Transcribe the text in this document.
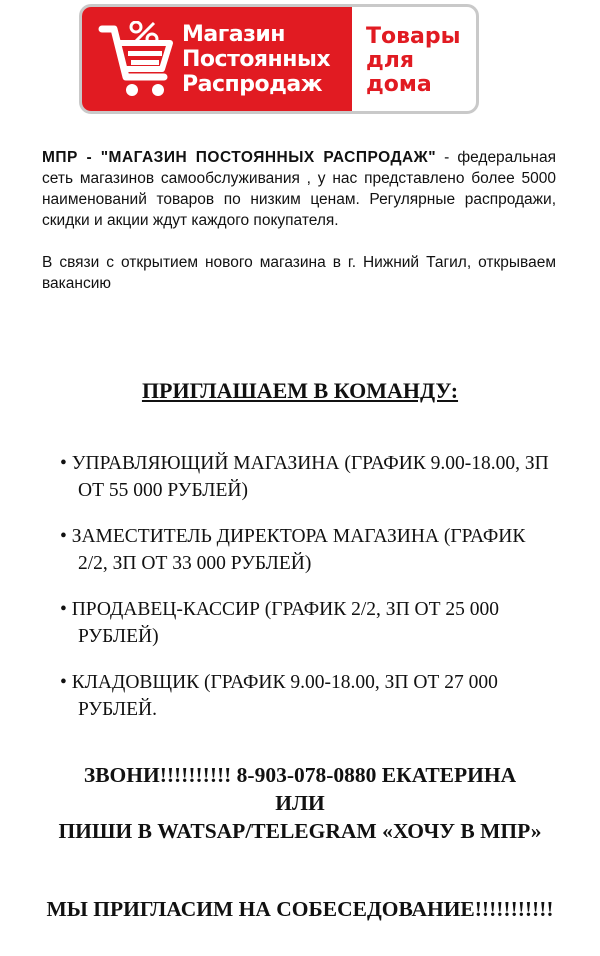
Магазин
Постоянных
Распродаж
Товары
для
дома

МПР - "МАГАЗИН ПОСТОЯННЫХ РАСПРОДАЖ" - федеральная сеть магазинов самообслуживания , у нас представлено более 5000 наименований товаров по низким ценам. Регулярные распродажи, скидки и акции ждут каждого покупателя.

В связи с открытием нового магазина в г. Нижний Тагил, открываем вакансию

ПРИГЛАШАЕМ В КОМАНДУ:
• УПРАВЛЯЮЩИЙ МАГАЗИНА (ГРАФИК 9.00-18.00, ЗП ОТ 55 000 РУБЛЕЙ)
• ЗАМЕСТИТЕЛЬ ДИРЕКТОРА МАГАЗИНА (ГРАФИК 2/2, ЗП ОТ 33 000 РУБЛЕЙ)
• ПРОДАВЕЦ-КАССИР (ГРАФИК 2/2, ЗП ОТ 25 000 РУБЛЕЙ)
• КЛАДОВЩИК (ГРАФИК 9.00-18.00, ЗП ОТ 27 000 РУБЛЕЙ.
ЗВОНИ!!!!!!!!!! 8-903-078-0880 ЕКАТЕРИНА
ИЛИ
ПИШИ В WATSAP/TELEGRAM «ХОЧУ В МПР»
МЫ ПРИГЛАСИМ НА СОБЕСЕДОВАНИЕ!!!!!!!!!!!
